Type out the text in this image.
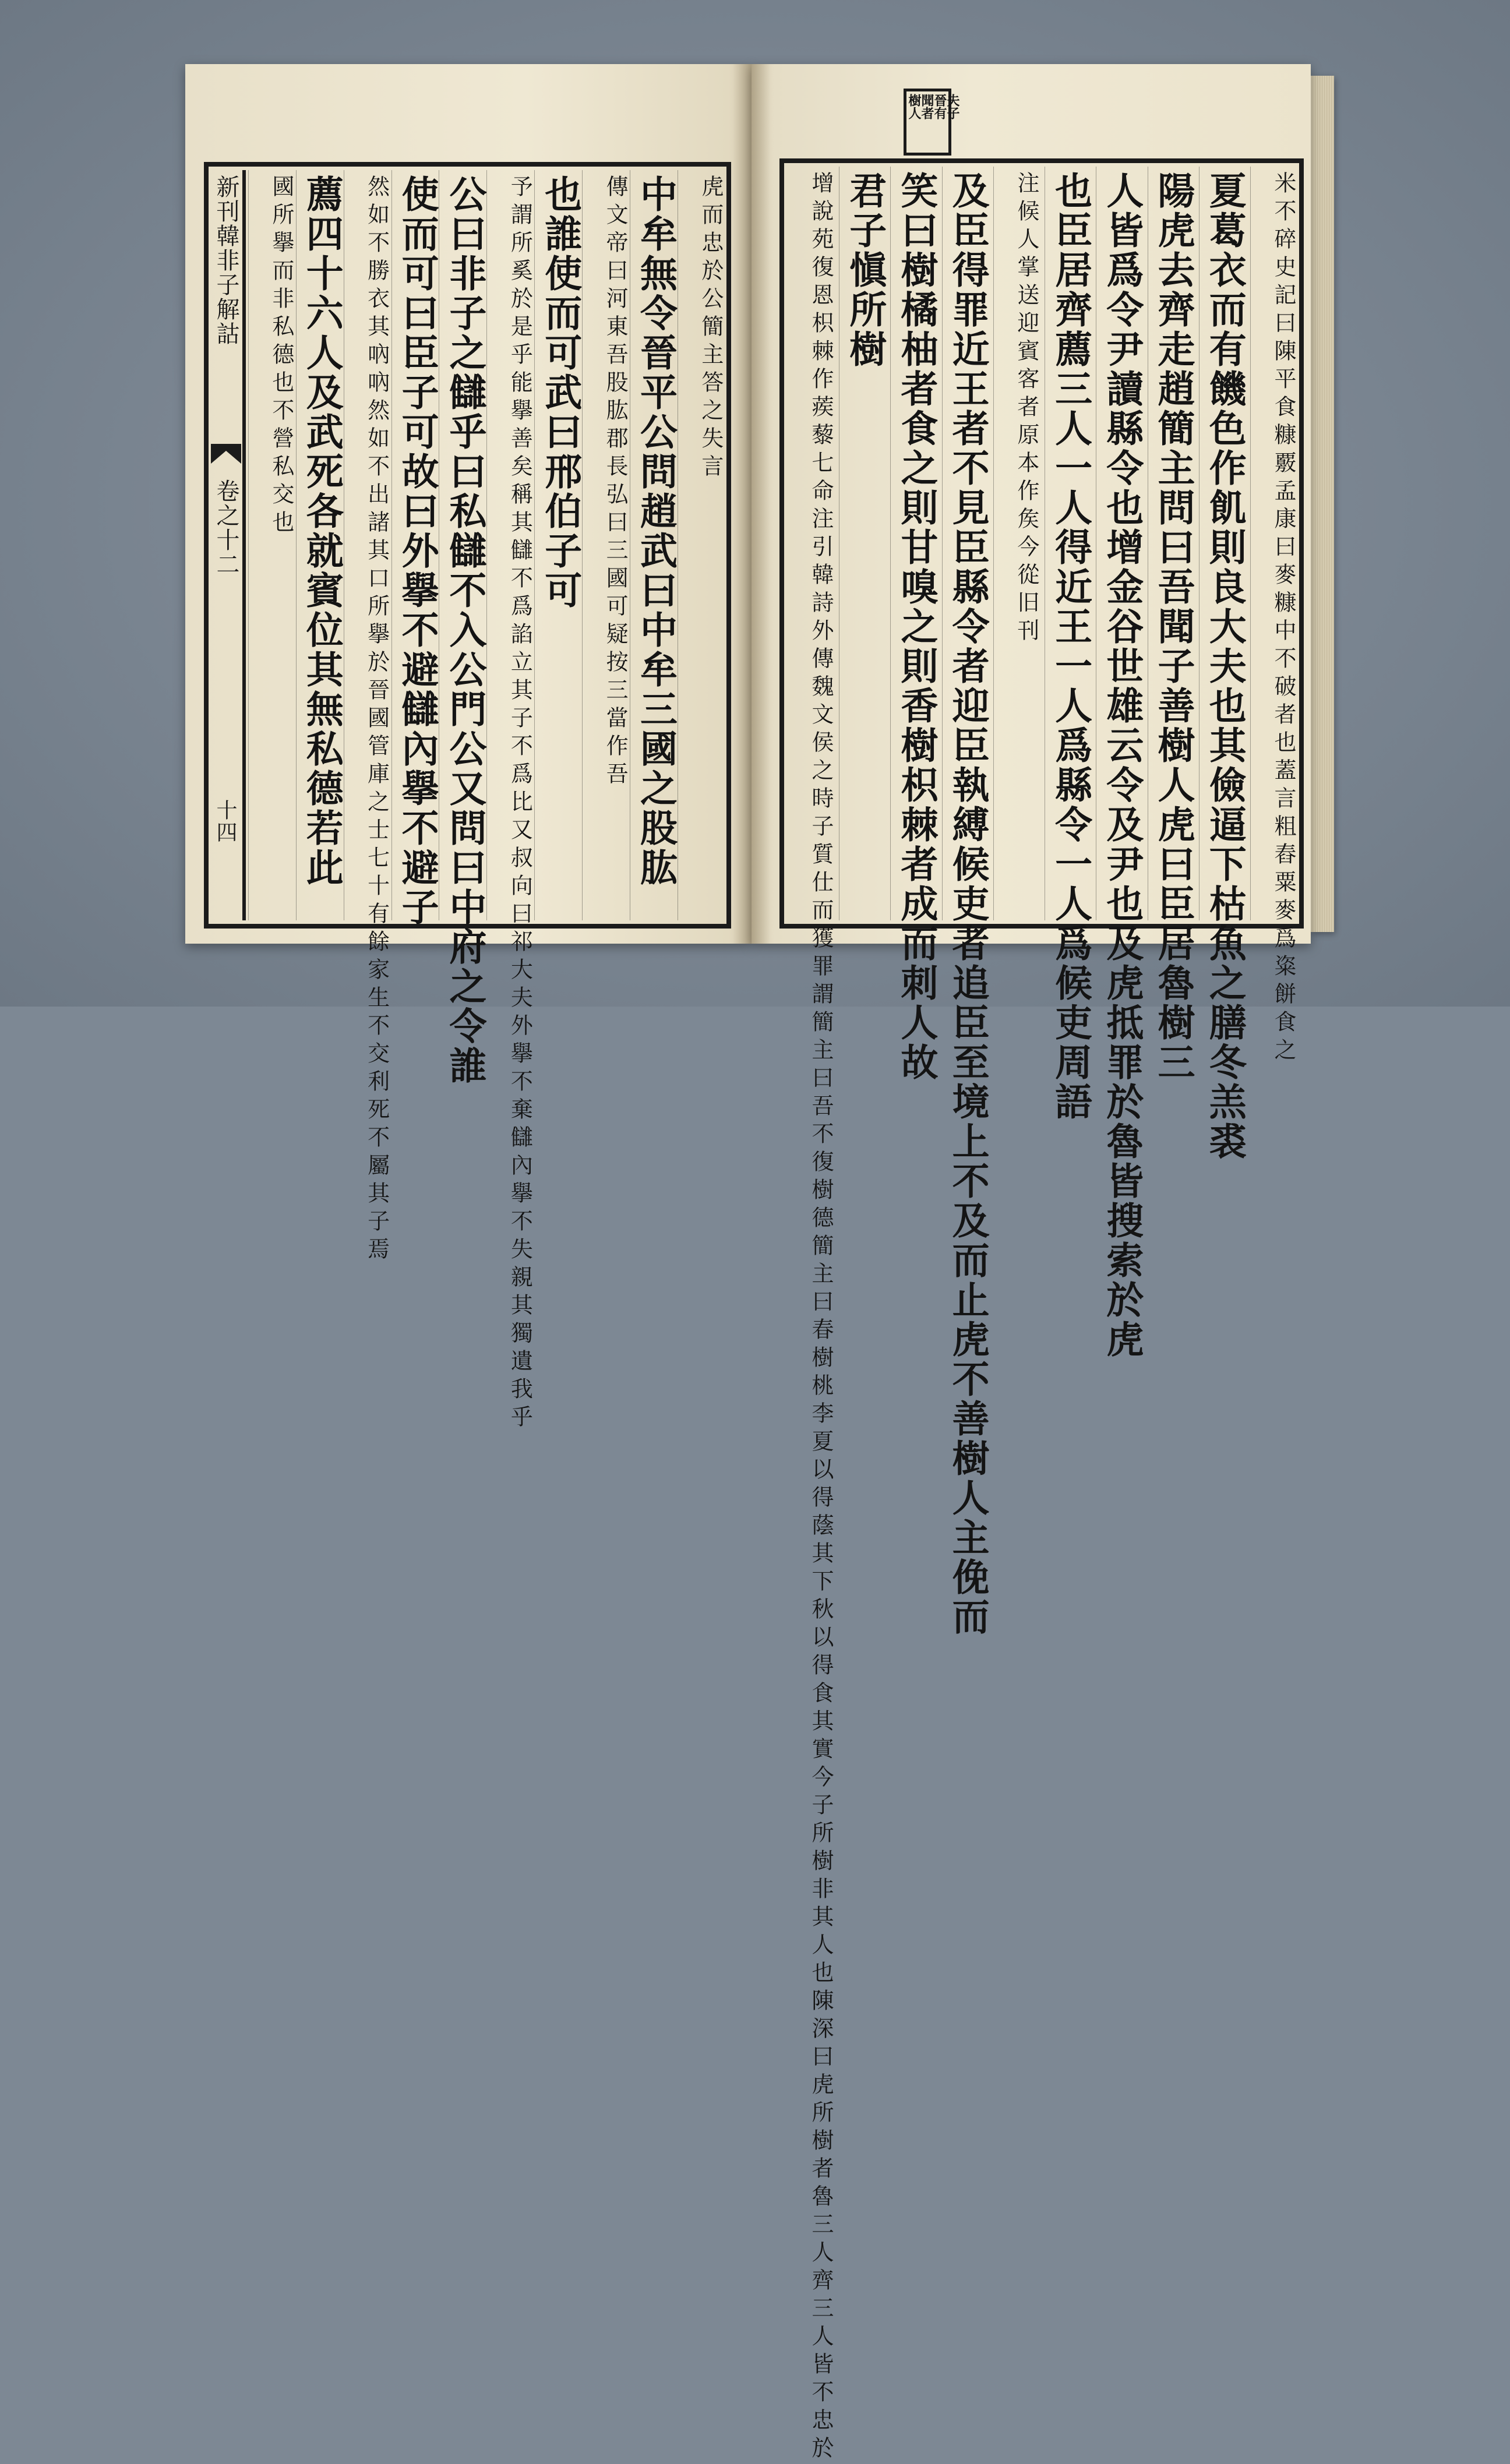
虎而忠於公簡主答之失言
中牟無令晉平公問趙武曰中牟三國之股肱
傳文帝曰河東吾股肱郡長弘曰三國可疑按三當作吾
也誰使而可武曰邢伯子可
予謂所奚於是乎能擧善矣稱其讎不爲諂立其子不爲比又叔向曰祁大夫外擧不棄讎內擧不失親其獨遺我乎
公曰非子之讎乎曰私讎不入公門公又問曰中府之令誰
使而可曰臣子可故曰外擧不避讎內擧不避子
然如不勝衣其吶吶然如不出諸其口所擧於晉國管庫之士七十有餘家生不交利死不屬其子焉
薦四十六人及武死各就賓位其無私德若此
國所擧而非私德也不營私交也
新刊韓非子解詁
卷之十二
十四
夫子
晉有
聞者
樹人
米不碎史記曰陳平食糠覈孟康曰麥糠中不破者也蓋言粗舂粟麥爲粢餅食之
夏葛衣而有饑色作飢則良大夫也其儉逼下枯魚之膳冬羔裘
陽虎去齊走趙簡主問曰吾聞子善樹人虎曰臣居魯樹三
人皆爲令尹讀縣令也增金谷世雄云令及尹也及虎抵罪於魯皆搜索於虎
也臣居齊薦三人一人得近王一人爲縣令一人爲候吏周語
注候人掌送迎賓客者原本作矦今從旧刊
及臣得罪近王者不見臣縣令者迎臣執縛候吏者追臣至境上不及而止虎不善樹人主俛而
笑曰樹橘柚者食之則甘嗅之則香樹枳棘者成而刺人故
君子愼所樹
增說苑復恩枳棘作蒺藜七命注引韓詩外傳魏文侯之時子質仕而獲罪謂簡主曰吾不復樹德簡主曰春樹桃李夏以得蔭其下秋以得食其實今子所樹非其人也陳深曰虎所樹者魯三人齊三人皆不忠於
